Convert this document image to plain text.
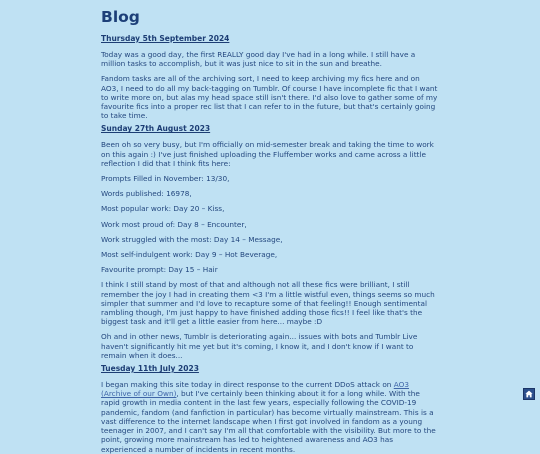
Blog
Thursday 5th September 2024

Today was a good day, the first REALLY good day I've had in a long while. I still have a million tasks to accomplish, but it was just nice to sit in the sun and breathe.

Fandom tasks are all of the archiving sort, I need to keep archiving my fics here and on AO3, I need to do all my back-tagging on Tumblr. Of course I have incomplete fic that I want to write more on, but alas my head space still isn't there. I'd also love to gather some of my favourite fics into a proper rec list that I can refer to in the future, but that's certainly going to take time.

Sunday 27th August 2023

Been oh so very busy, but I'm officially on mid-semester break and taking the time to work on this again :) I've just finished uploading the Fluffember works and came across a little reflection I did that I think fits here:

Prompts Filled in November: 13/30,

Words published: 16978,

Most popular work: Day 20 – Kiss,

Work most proud of: Day 8 – Encounter,

Work struggled with the most: Day 14 – Message,

Most self-indulgent work: Day 9 – Hot Beverage,

Favourite prompt: Day 15 – Hair

I think I still stand by most of that and although not all these fics were brilliant, I still remember the joy I had in creating them <3 I'm a little wistful even, things seems so much simpler that summer and I'd love to recapture some of that feeling!! Enough sentimental rambling though, I'm just happy to have finished adding those fics!! I feel like that's the biggest task and it'll get a little easier from here... maybe :D

Oh and in other news, Tumblr is deteriorating again... issues with bots and Tumblr Live haven't significantly hit me yet but it's coming, I know it, and I don't know if I want to remain when it does...

Tuesday 11th July 2023

I began making this site today in direct response to the current DDoS attack on AO3 (Archive of our Own), but I've certainly been thinking about it for a long while. With the rapid growth in media content in the last few years, especially following the COVID-19 pandemic, fandom (and fanfiction in particular) has become virtually mainstream. This is a vast difference to the internet landscape when I first got involved in fandom as a young teenager in 2007, and I can't say I'm all that comfortable with the visibility. But more to the point, growing more mainstream has led to heightened awareness and AO3 has experienced a number of incidents in recent months.
